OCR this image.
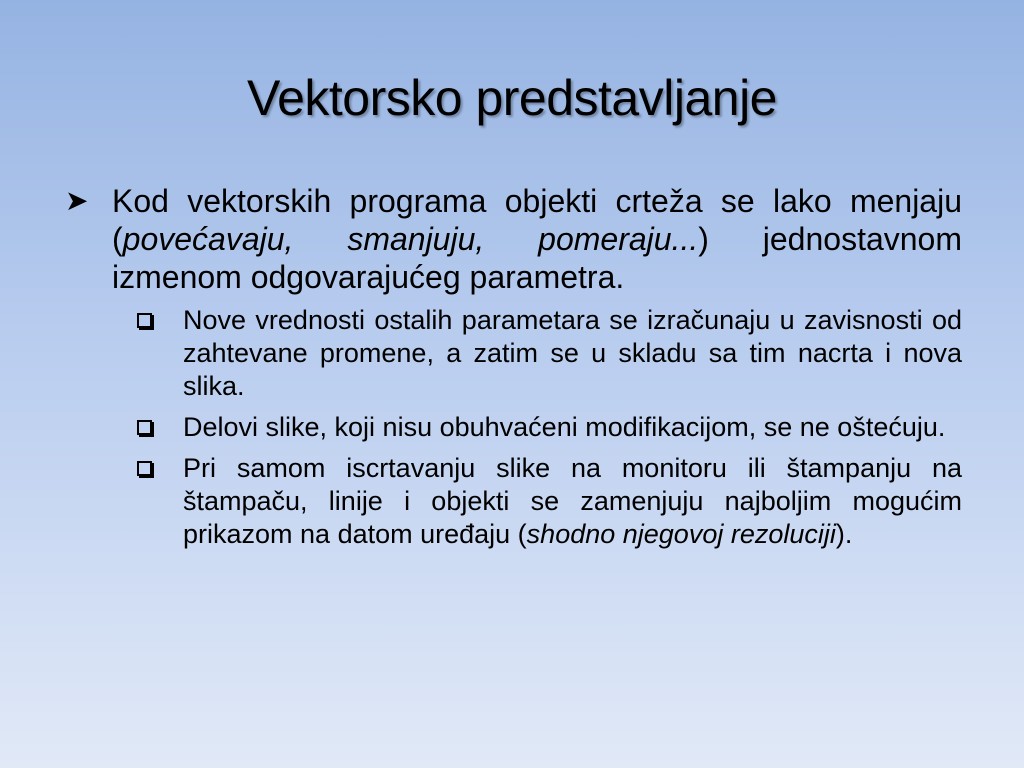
Vektorsko predstavljanje
➤ Kod vektorskih programa objekti crteža se lako menjaju (povećavaju, smanjuju, pomeraju...) jednostavnom izmenom odgovarajućeg parametra.
Nove vrednosti ostalih parametara se izračunaju u zavisnosti od zahtevane promene, a zatim se u skladu sa tim nacrta i nova slika.
Delovi slike, koji nisu obuhvaćeni modifikacijom, se ne oštećuju.
Pri samom iscrtavanju slike na monitoru ili štampanju na štampaču, linije i objekti se zamenjuju najboljim mogućim prikazom na datom uređaju (shodno njegovoj rezoluciji).
